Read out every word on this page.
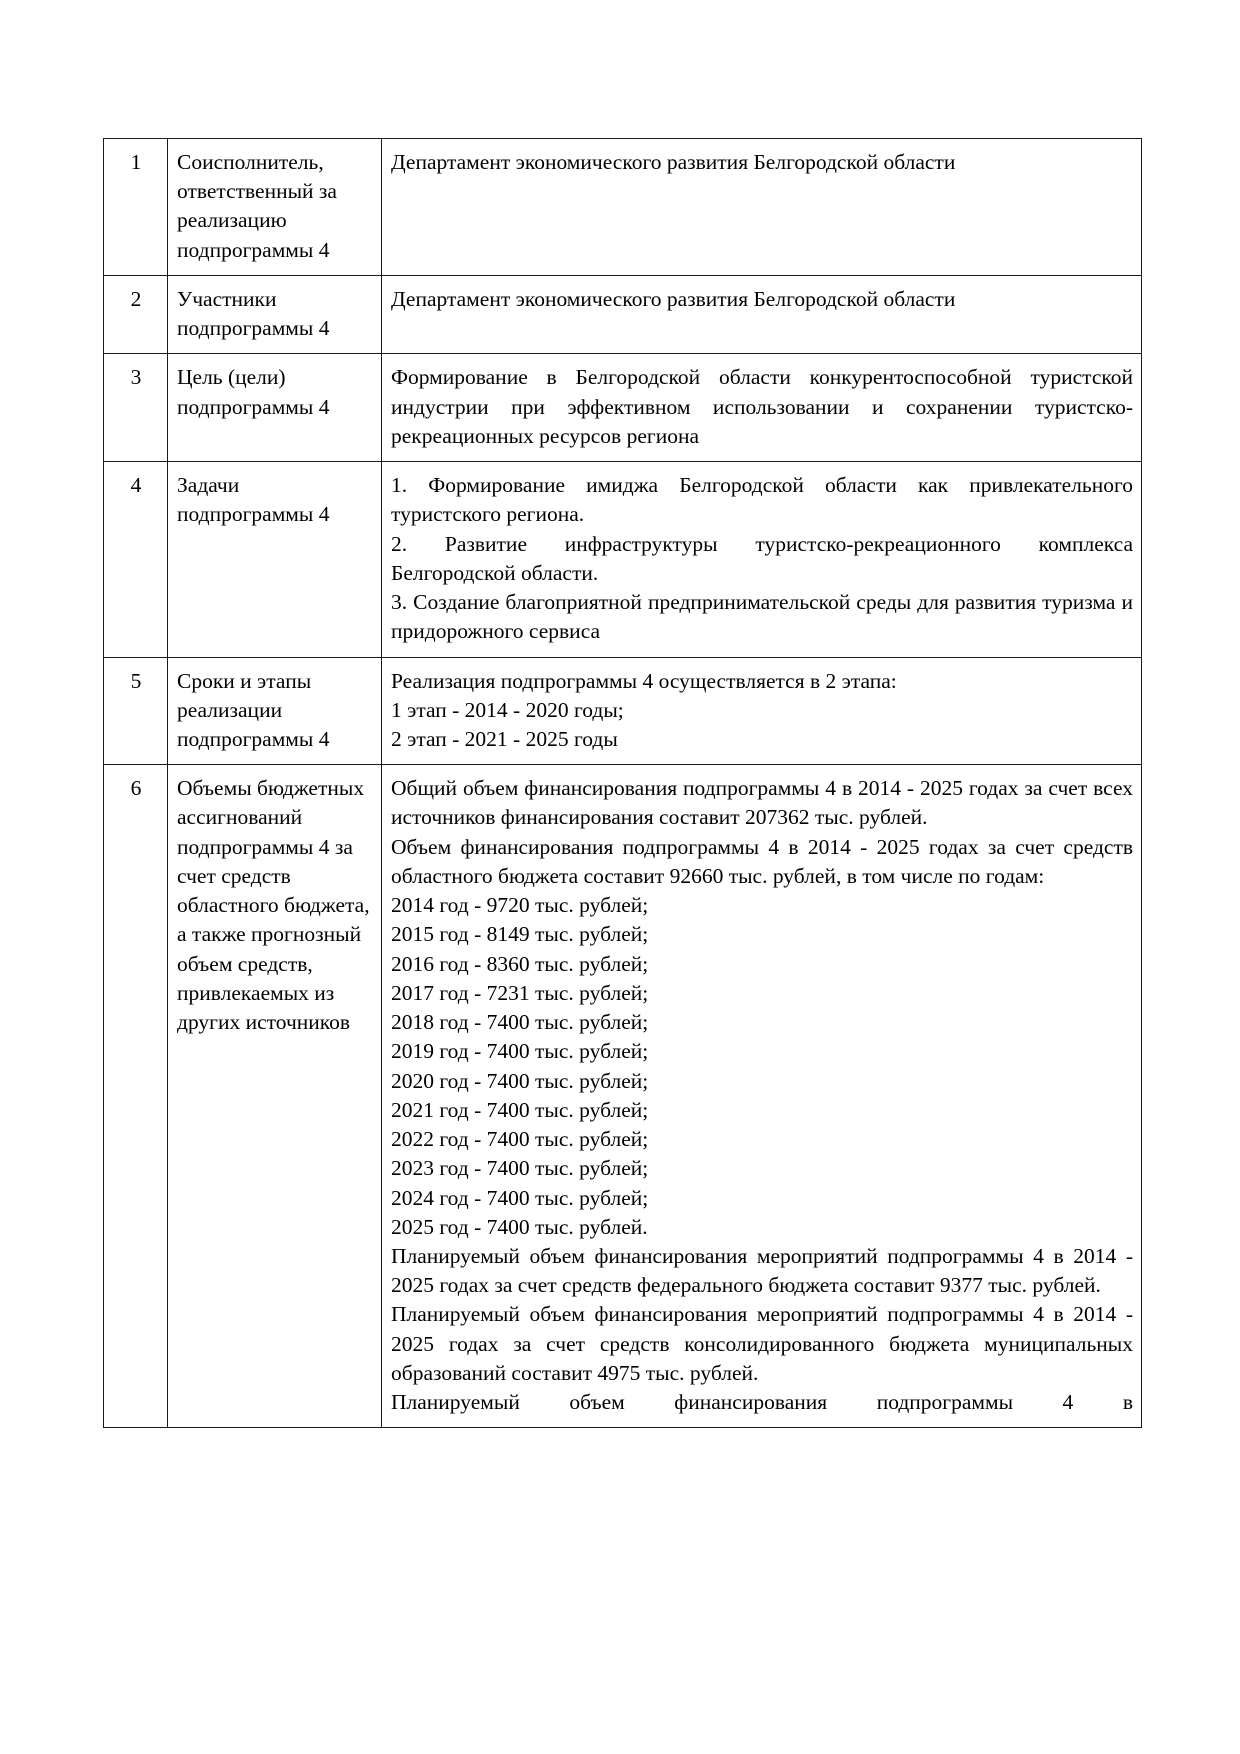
1	Соисполнитель, ответственный за реализацию подпрограммы 4	Департамент экономического развития Белгородской области

2	Участники подпрограммы 4	Департамент экономического развития Белгородской области

3	Цель (цели) подпрограммы 4	Формирование в Белгородской области конкурентоспособной туристской индустрии при эффективном использовании и сохранении туристско-рекреационных ресурсов региона

4	Задачи подпрограммы 4	1. Формирование имиджа Белгородской области как привлекательного туристского региона.

2. Развитие инфраструктуры туристско-рекреационного комплекса Белгородской области.

3. Создание благоприятной предпринимательской среды для развития туризма и придорожного сервиса

5	Сроки и этапы реализации подпрограммы 4	Реализация подпрограммы 4 осуществляется в 2 этапа:

1 этап - 2014 - 2020 годы;

2 этап - 2021 - 2025 годы

6	Объемы бюджетных ассигнований подпрограммы 4 за счет средств областного бюджета, а также прогнозный объем средств, привлекаемых из других источников	

Общий объем финансирования подпрограммы 4 в 2014 - 2025 годах за счет всех источников финансирования составит 207362 тыс. рублей.

Объем финансирования подпрограммы 4 в 2014 - 2025 годах за счет средств областного бюджета составит 92660 тыс. рублей, в том числе по годам:

2014 год - 9720 тыс. рублей;

2015 год - 8149 тыс. рублей;

2016 год - 8360 тыс. рублей;

2017 год - 7231 тыс. рублей;

2018 год - 7400 тыс. рублей;

2019 год - 7400 тыс. рублей;

2020 год - 7400 тыс. рублей;

2021 год - 7400 тыс. рублей;

2022 год - 7400 тыс. рублей;

2023 год - 7400 тыс. рублей;

2024 год - 7400 тыс. рублей;

2025 год - 7400 тыс. рублей.

Планируемый объем финансирования мероприятий подпрограммы 4 в 2014 - 2025 годах за счет средств федерального бюджета составит 9377 тыс. рублей.

Планируемый объем финансирования мероприятий подпрограммы 4 в 2014 - 2025 годах за счет средств консолидированного бюджета муниципальных образований составит 4975 тыс. рублей.

Планируемый объем финансирования подпрограммы 4 в
